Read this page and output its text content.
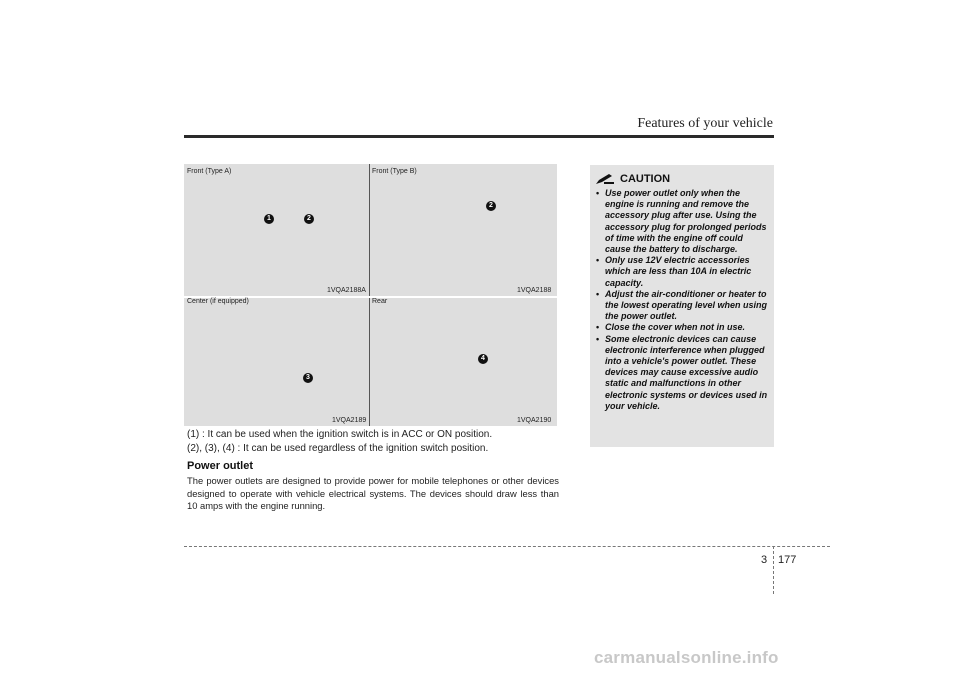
Features of your vehicle
Front (Type A)
1VQA2188A
Front (Type B)
1VQA2188
Center (if equipped)
1VQA2189
Rear
1VQA2190
1	2
2
3
4
(1) : It can be used when the ignition switch is in ACC or ON position.
(2), (3), (4) : It can be used regardless of the ignition switch position.
Power outlet
The power outlets are designed to provide power for mobile telephones or other devices designed to operate with vehicle electrical systems. The devices should draw less than 10 amps with the engine running.
CAUTION
• Use power outlet only when the engine is running and remove the accessory plug after use. Using the accessory plug for prolonged periods of time with the engine off could cause the battery to discharge.
• Only use 12V electric accessories which are less than 10A in electric capacity.
• Adjust the air-conditioner or heater to the lowest operating level when using the power outlet.
• Close the cover when not in use.
• Some electronic devices can cause electronic interference when plugged into a vehicle's power outlet. These devices may cause excessive audio static and malfunctions in other electronic systems or devices used in your vehicle.
3 177
carmanualsonline.info
